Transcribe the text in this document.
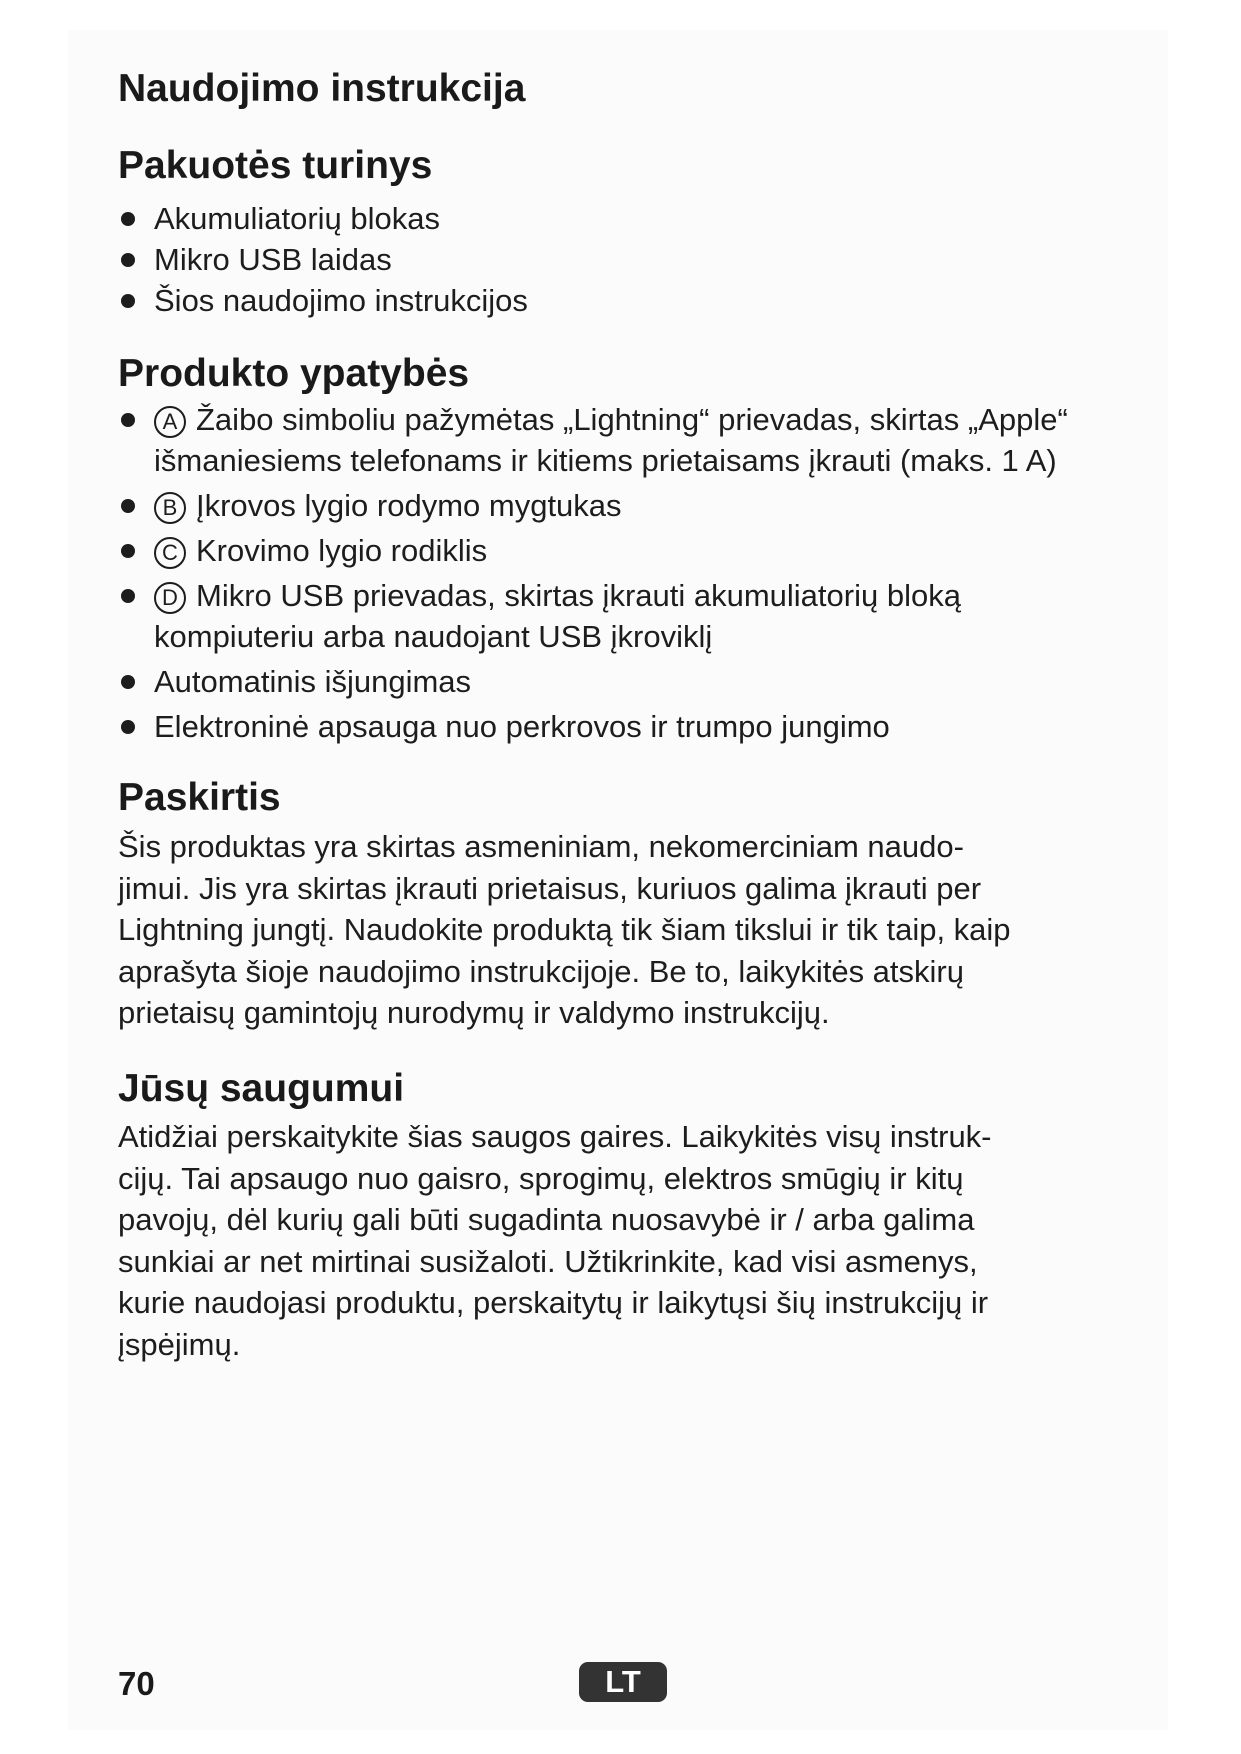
Naudojimo instrukcija
Pakuotės turinys
Akumuliatorių blokas
Mikro USB laidas
Šios naudojimo instrukcijos
Produkto ypatybės
A Žaibo simboliu pažymėtas „Lightning“ prievadas, skirtas „Apple“ išmaniesiems telefonams ir kitiems prietaisams įkrauti (maks. 1 A)
B Įkrovos lygio rodymo mygtukas
C Krovimo lygio rodiklis
D Mikro USB prievadas, skirtas įkrauti akumuliatorių bloką kompiuteriu arba naudojant USB įkroviklį
Automatinis išjungimas
Elektroninė apsauga nuo perkrovos ir trumpo jungimo
Paskirtis

Šis produktas yra skirtas asmeniniam, nekomerciniam naudo-

jimui. Jis yra skirtas įkrauti prietaisus, kuriuos galima įkrauti per

Lightning jungtį. Naudokite produktą tik šiam tikslui ir tik taip, kaip

aprašyta šioje naudojimo instrukcijoje. Be to, laikykitės atskirų

prietaisų gamintojų nurodymų ir valdymo instrukcijų.

Jūsų saugumui

Atidžiai perskaitykite šias saugos gaires. Laikykitės visų instruk-

cijų. Tai apsaugo nuo gaisro, sprogimų, elektros smūgių ir kitų

pavojų, dėl kurių gali būti sugadinta nuosavybė ir / arba galima

sunkiai ar net mirtinai susižaloti. Užtikrinkite, kad visi asmenys,

kurie naudojasi produktu, perskaitytų ir laikytųsi šių instrukcijų ir

įspėjimų.

70	LT
